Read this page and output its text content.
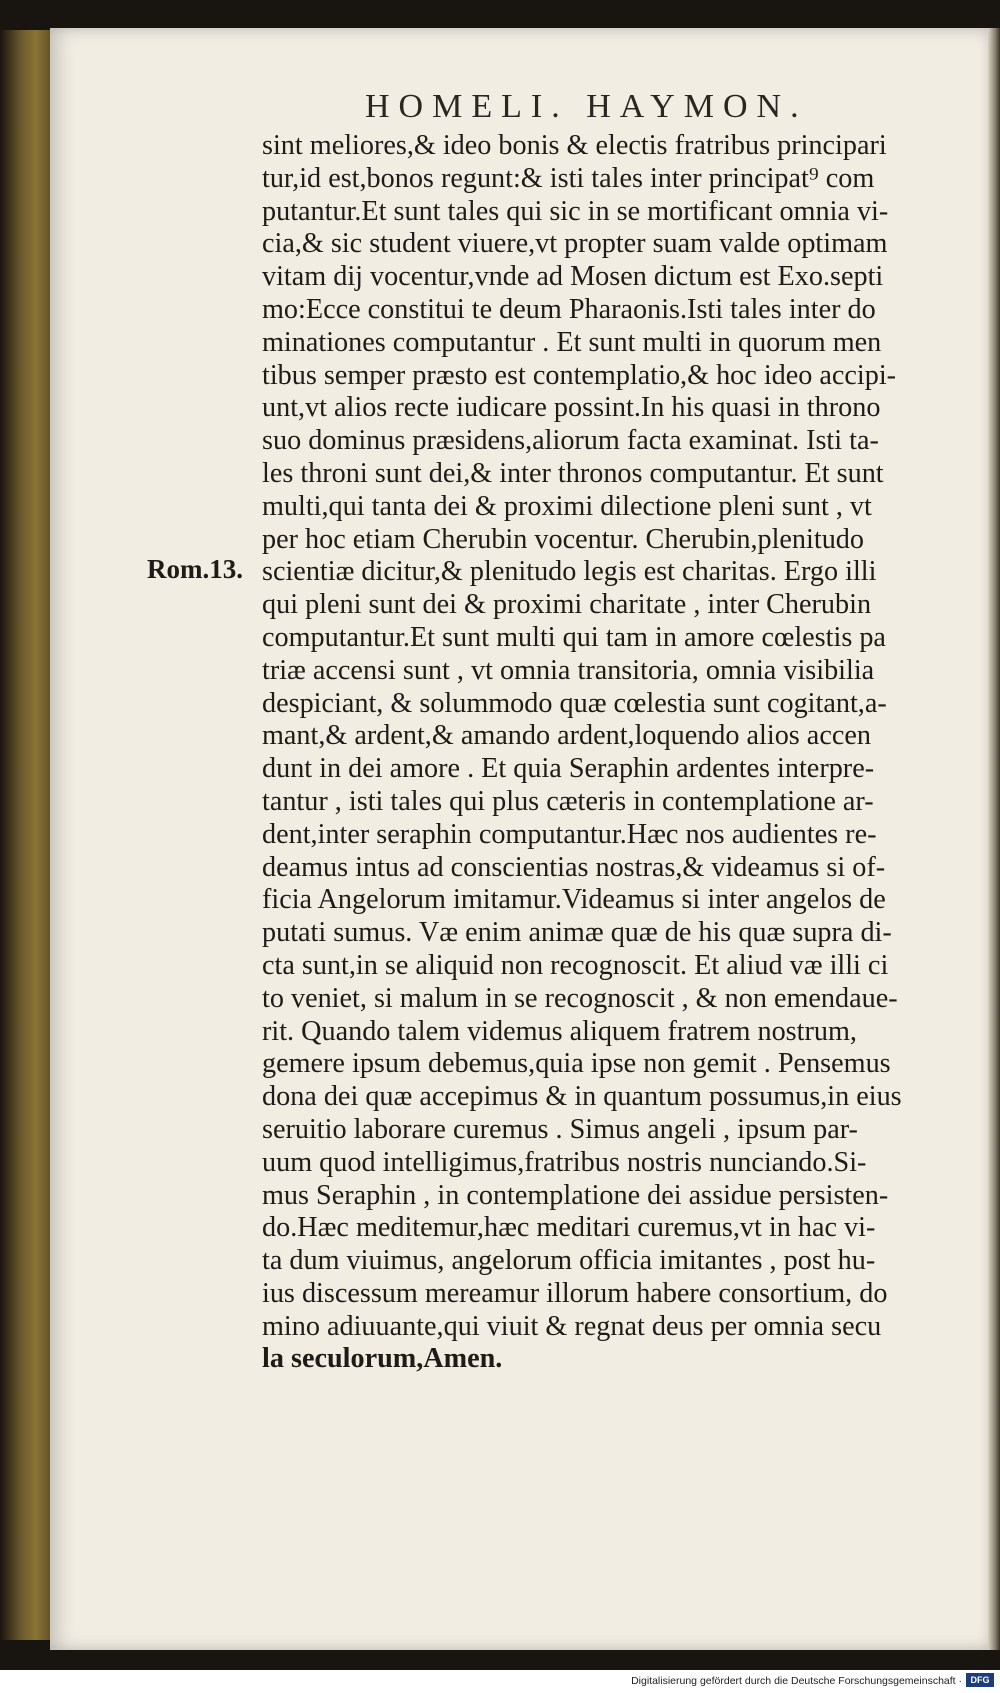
HOMELI. HAYMON.
Rom.13.
sint meliores,& ideo bonis & electis fratribus principari
tur,id est,bonos regunt:& isti tales inter principat⁹ com
putantur.Et sunt tales qui sic in se mortificant omnia vi-
cia,& sic student viuere,vt propter suam valde optimam
vitam dij vocentur,vnde ad Mosen dictum est Exo.septi
mo:Ecce constitui te deum Pharaonis.Isti tales inter do
minationes computantur . Et sunt multi in quorum men
tibus semper præsto est contemplatio,& hoc ideo accipi-
unt,vt alios recte iudicare possint.In his quasi in throno
suo dominus præsidens,aliorum facta examinat. Isti ta-
les throni sunt dei,& inter thronos computantur. Et sunt
multi,qui tanta dei & proximi dilectione pleni sunt , vt
per hoc etiam Cherubin vocentur. Cherubin,plenitudo
scientiæ dicitur,& plenitudo legis est charitas. Ergo illi
qui pleni sunt dei & proximi charitate , inter Cherubin
computantur.Et sunt multi qui tam in amore cœlestis pa
triæ accensi sunt , vt omnia transitoria, omnia visibilia
despiciant, & solummodo quæ cœlestia sunt cogitant,a-
mant,& ardent,& amando ardent,loquendo alios accen
dunt in dei amore . Et quia Seraphin ardentes interpre-
tantur , isti tales qui plus cæteris in contemplatione ar-
dent,inter seraphin computantur.Hæc nos audientes re-
deamus intus ad conscientias nostras,& videamus si of-
ficia Angelorum imitamur.Videamus si inter angelos de
putati sumus. Væ enim animæ quæ de his quæ supra di-
cta sunt,in se aliquid non recognoscit. Et aliud væ illi ci
to veniet, si malum in se recognoscit , & non emendaue-
rit. Quando talem videmus aliquem fratrem nostrum,
gemere ipsum debemus,quia ipse non gemit . Pensemus
dona dei quæ accepimus & in quantum possumus,in eius
seruitio laborare curemus . Simus angeli , ipsum par-
uum quod intelligimus,fratribus nostris nunciando.Si-
mus Seraphin , in contemplatione dei assidue persisten-
do.Hæc meditemur,hæc meditari curemus,vt in hac vi-
ta dum viuimus, angelorum officia imitantes , post hu-
ius discessum mereamur illorum habere consortium, do
mino adiuuante,qui viuit & regnat deus per omnia secu
la seculorum,Amen.
Digitalisierung gefördert durch die Deutsche Forschungsgemeinschaft · DFG
